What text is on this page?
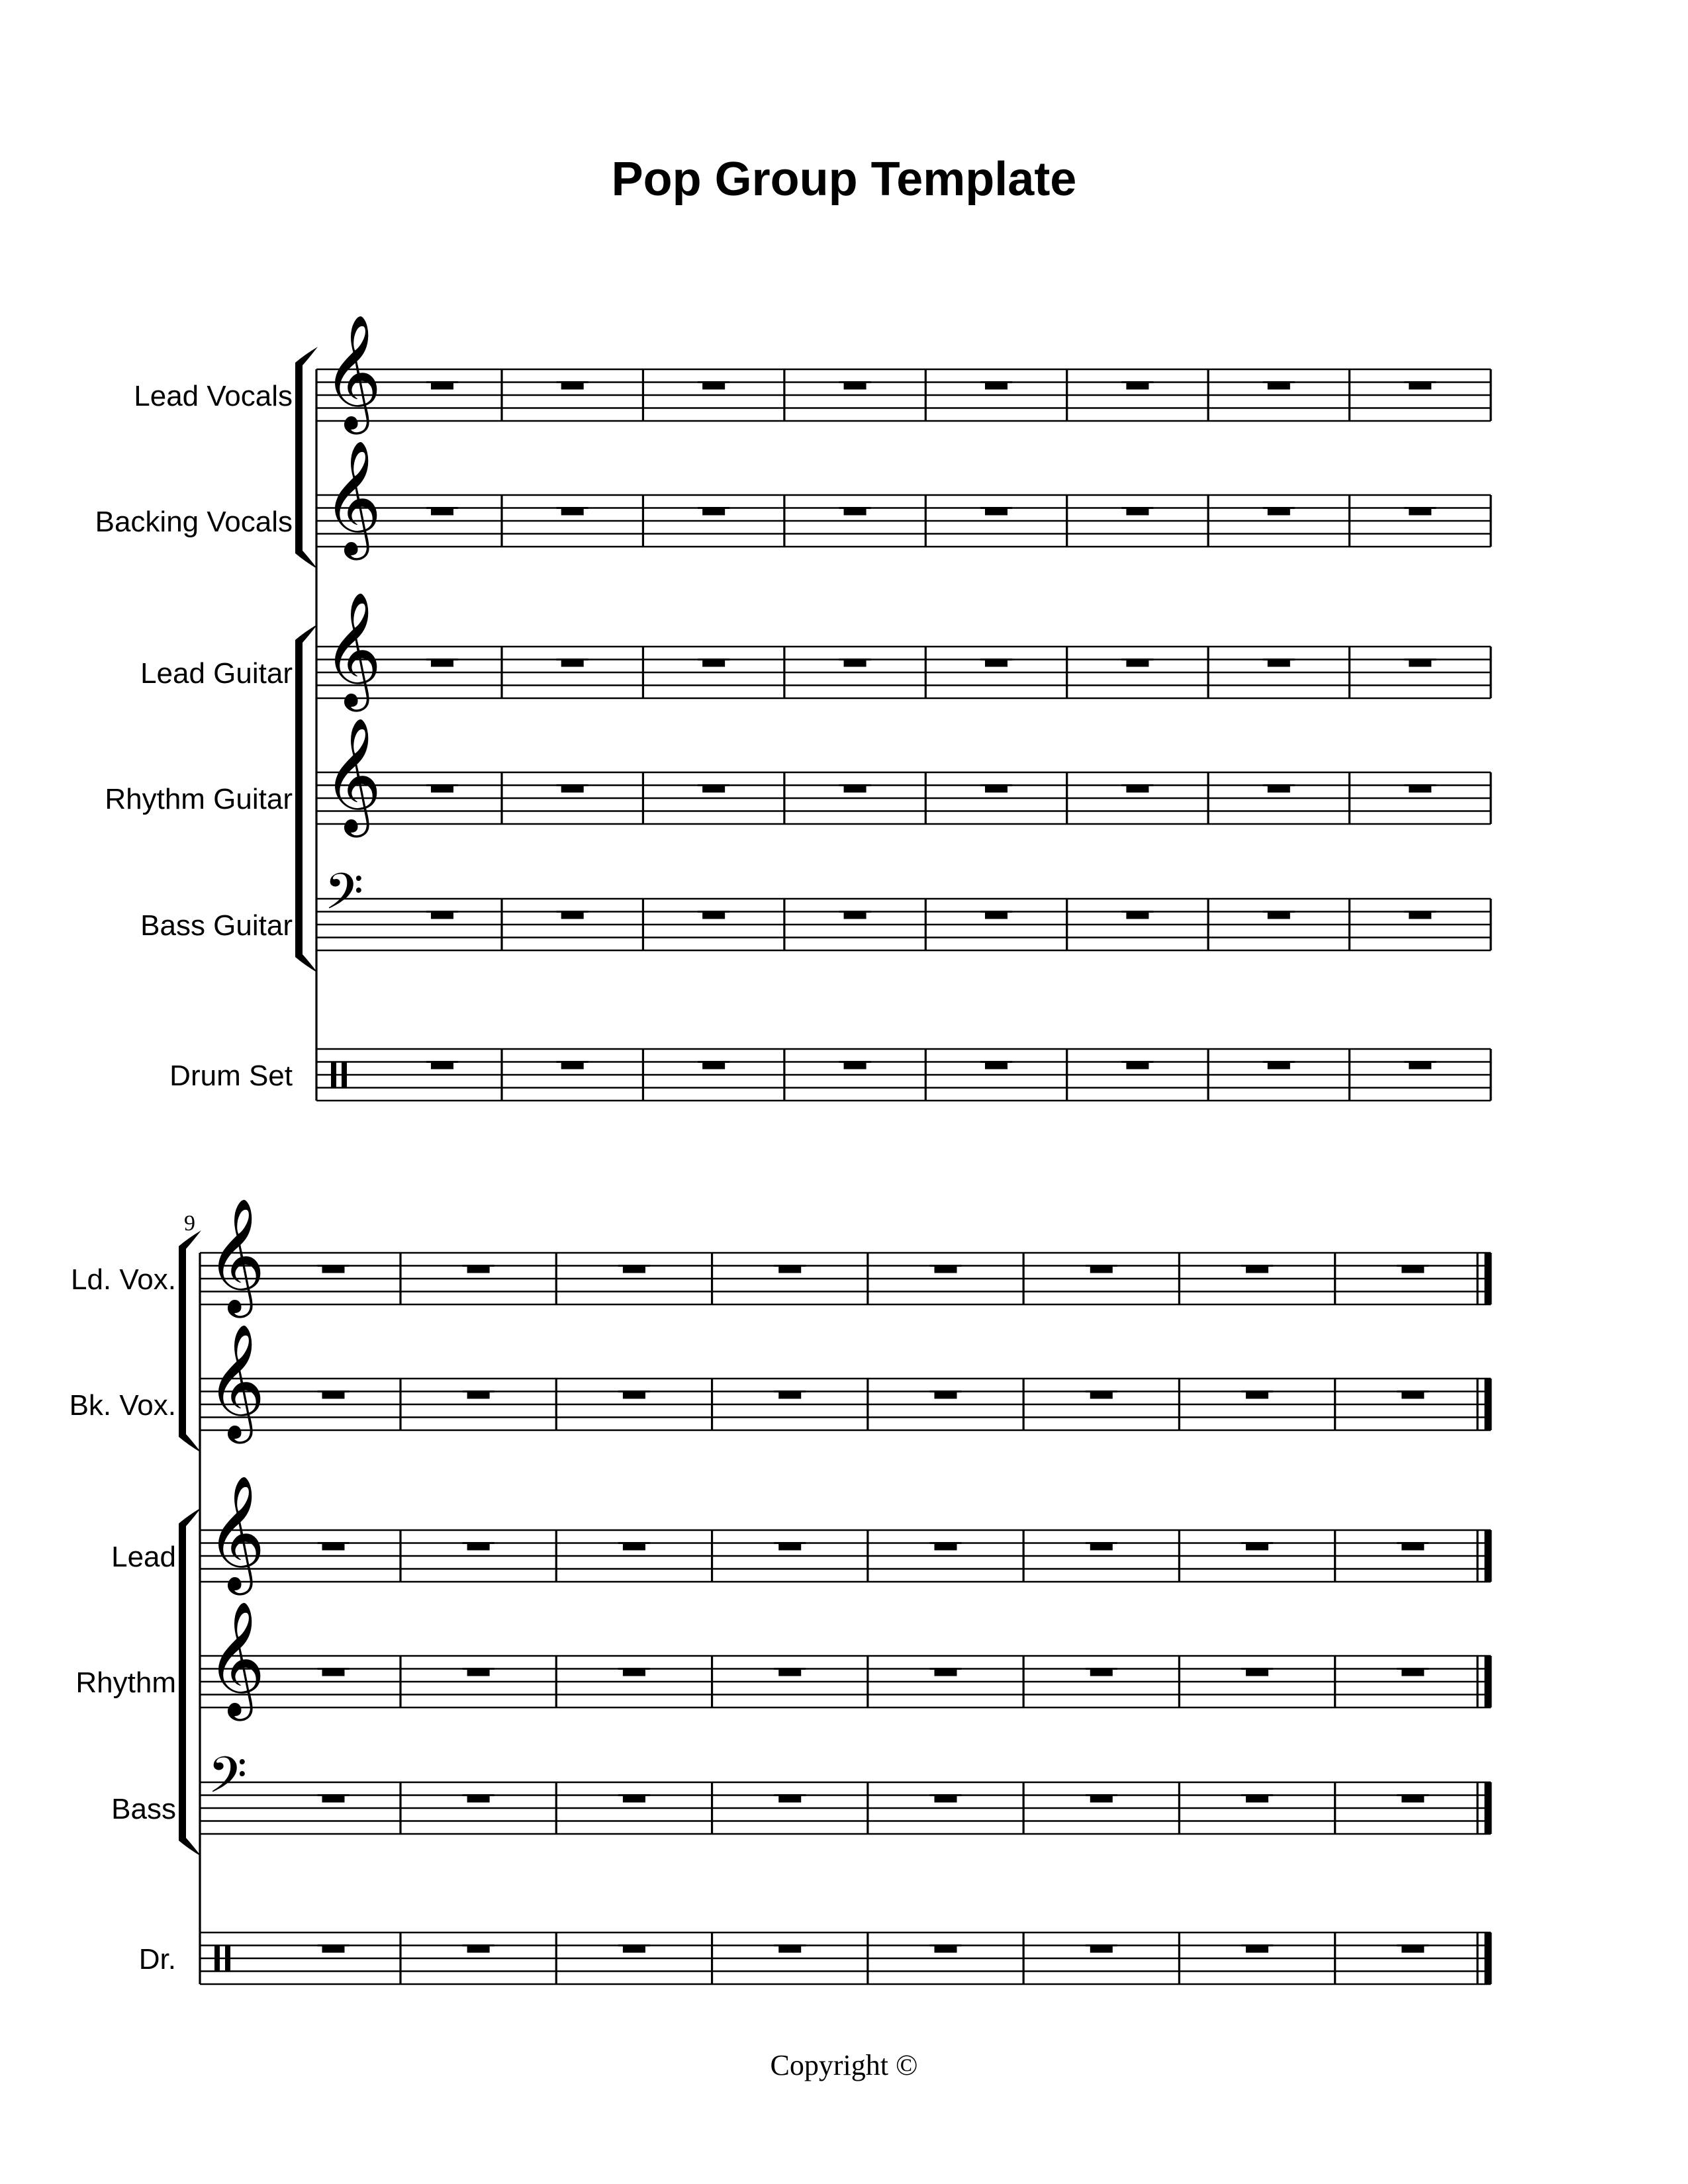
Pop Group Template
Lead Vocals 𝄞
Backing Vocals 𝄞
Lead Guitar 𝄞
Rhythm Guitar 𝄞
Bass Guitar 𝄢
Drum Set
9
Ld. Vox. 𝄞
Bk. Vox. 𝄞
Lead 𝄞
Rhythm 𝄞
Bass 𝄢
Dr.
Copyright ©
